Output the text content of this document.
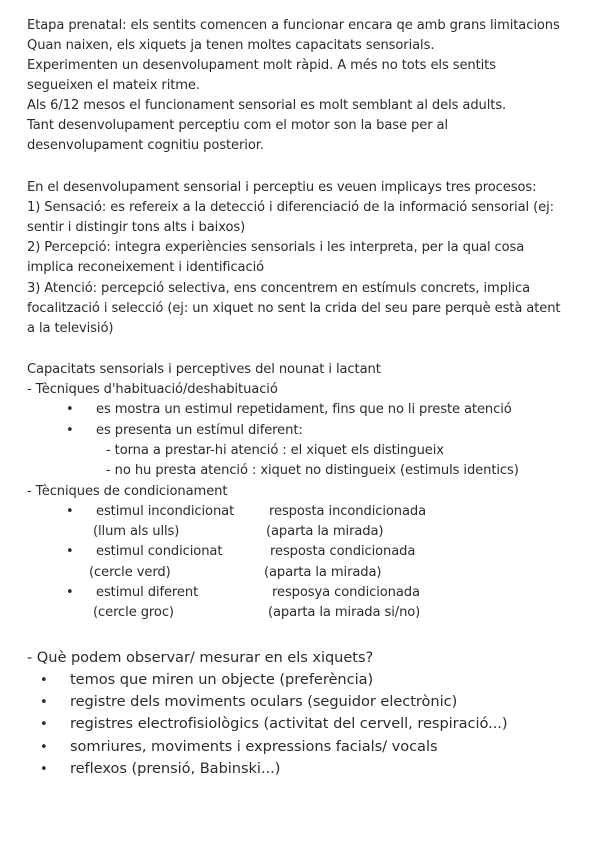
Etapa prenatal: els sentits comencen a funcionar encara qe amb grans limitacions
Quan naixen, els xiquets ja tenen moltes capacitats sensorials.
Experimenten un desenvolupament molt ràpid. A més no tots els sentits
segueixen el mateix ritme.
Als 6/12 mesos el funcionament sensorial es molt semblant al dels adults.
Tant desenvolupament perceptiu com el motor son la base per al
desenvolupament cognitiu posterior.
En el desenvolupament sensorial i perceptiu es veuen implicays tres procesos:
1) Sensació: es refereix a la detecció i diferenciació de la informació sensorial (ej:
sentir i distingir tons alts i baixos)
2) Percepció: integra experiències sensorials i les interpreta, per la qual cosa
implica reconeixement i identificació
3) Atenció: percepció selectiva, ens concentrem en estímuls concrets, implica
focalització i selecció (ej: un xiquet no sent la crida del seu pare perquè està atent
a la televisió)
Capacitats sensorials i perceptives del nounat i lactant
- Tècniques d'habituació/deshabituació
• es mostra un estimul repetidament, fins que no li preste atenció
• es presenta un estímul diferent:
- torna a prestar-hi atenció : el xiquet els distingueix
- no hu presta atenció : xiquet no distingueix (estimuls identics)
- Tècniques de condicionament
• estimul incondicionat	resposta incondicionada
(llum als ulls)	(aparta la mirada)
• estimul condicionat	resposta condicionada
(cercle verd)	(aparta la mirada)
• estimul diferent	resposya condicionada
(cercle groc)	(aparta la mirada si/no)
- Què podem observar/ mesurar en els xiquets?
• temos que miren un objecte (preferència)
• registre dels moviments oculars (seguidor electrònic)
• registres electrofisiològics (activitat del cervell, respiració...)
• somriures, moviments i expressions facials/ vocals
• reflexos (prensió, Babinski...)
